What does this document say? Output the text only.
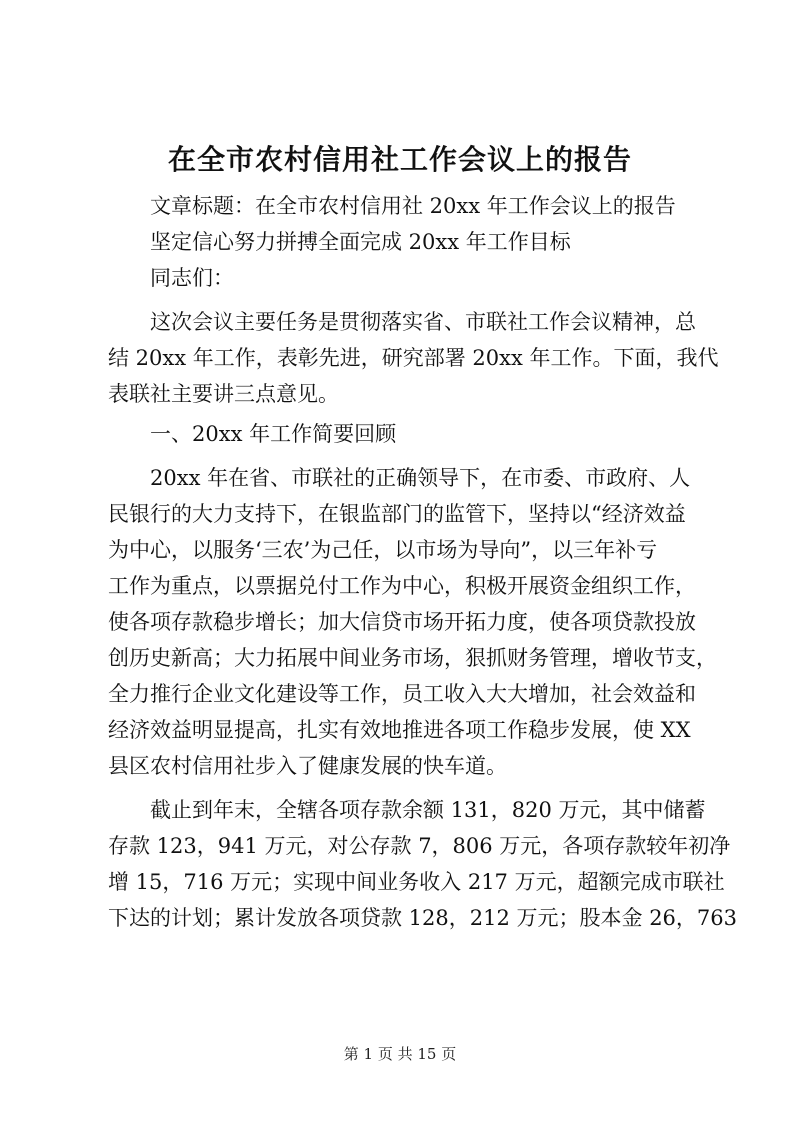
在全市农村信用社工作会议上的报告
文章标题：在全市农村信用社 20xx 年工作会议上的报告
坚定信心努力拼搏全面完成 20xx 年工作目标
同志们：
这次会议主要任务是贯彻落实省、市联社工作会议精神，总
结 20xx 年工作，表彰先进，研究部署 20xx 年工作。下面，我代
表联社主要讲三点意见。
一、20xx 年工作简要回顾
20xx 年在省、市联社的正确领导下，在市委、市政府、人
民银行的大力支持下，在银监部门的监管下，坚持以“经济效益
为中心，以服务‘三农’为己任，以市场为导向”，以三年补亏
工作为重点，以票据兑付工作为中心，积极开展资金组织工作，
使各项存款稳步增长；加大信贷市场开拓力度，使各项贷款投放
创历史新高；大力拓展中间业务市场，狠抓财务管理，增收节支，
全力推行企业文化建设等工作，员工收入大大增加，社会效益和
经济效益明显提高，扎实有效地推进各项工作稳步发展，使 XX
县区农村信用社步入了健康发展的快车道。
截止到年末，全辖各项存款余额 131，820 万元，其中储蓄
存款 123，941 万元，对公存款 7，806 万元，各项存款较年初净
增 15，716 万元；实现中间业务收入 217 万元，超额完成市联社
下达的计划；累计发放各项贷款 128，212 万元；股本金 26，763
第 1 页 共 15 页
